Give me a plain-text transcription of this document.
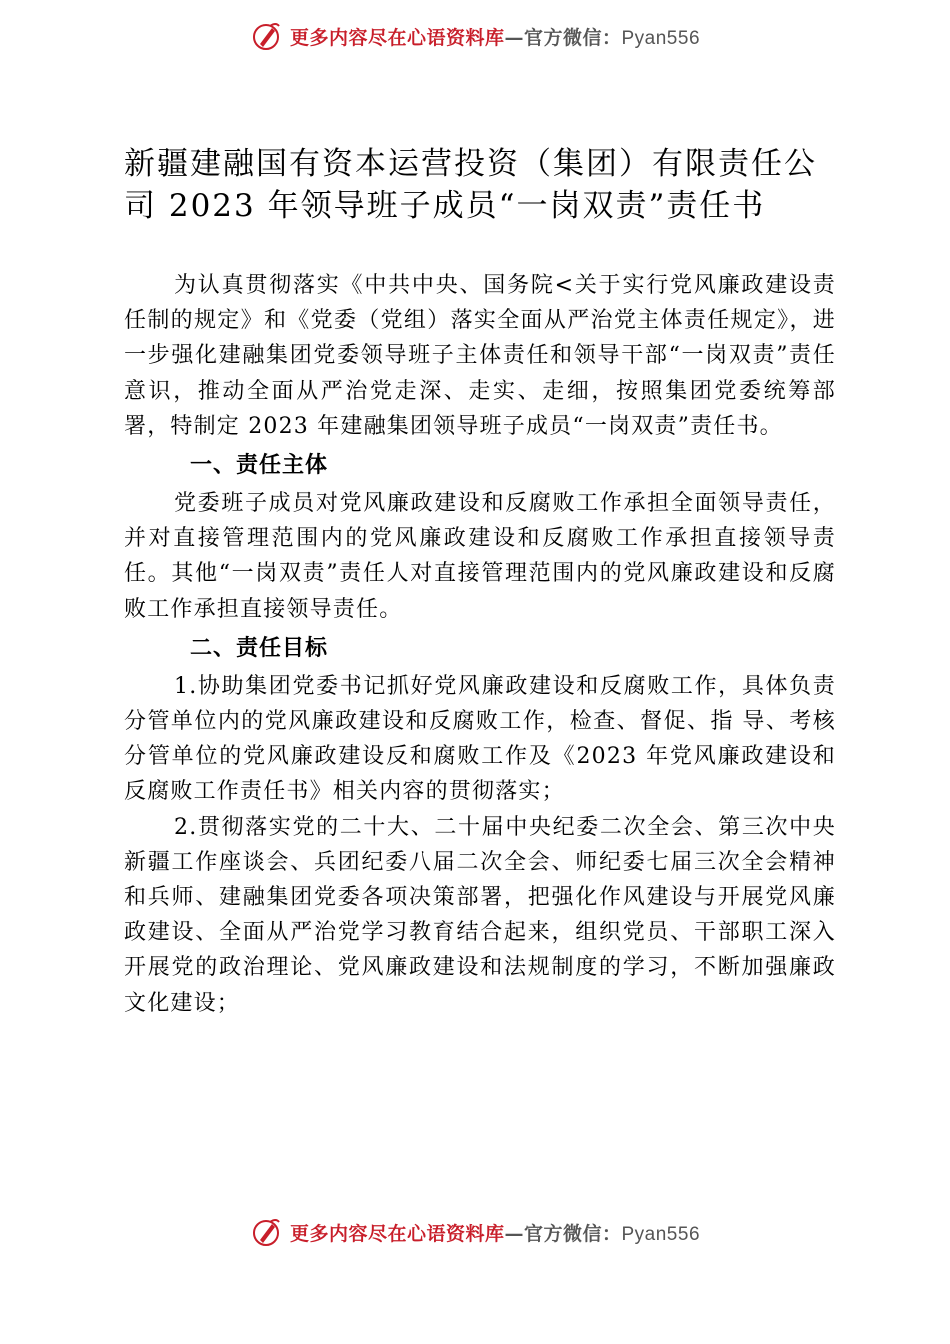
更多内容尽在心语资料库—官方微信：Pyan556
新疆建融国有资本运营投资（集团）有限责任公司 2023 年领导班子成员“一岗双责”责任书

为认真贯彻落实《中共中央、国务院<关于实行党风廉政建设责任制的规定》和《党委（党组）落实全面从严治党主体责任规定》，进一步强化建融集团党委领导班子主体责任和领导干部“一岗双责”责任意识，推动全面从严治党走深、走实、走细，按照集团党委统筹部署，特制定 2023 年建融集团领导班子成员“一岗双责”责任书。

一、责任主体

党委班子成员对党风廉政建设和反腐败工作承担全面领导责任，并对直接管理范围内的党风廉政建设和反腐败工作承担直接领导责任。其他“一岗双责”责任人对直接管理范围内的党风廉政建设和反腐败工作承担直接领导责任。

二、责任目标

1.协助集团党委书记抓好党风廉政建设和反腐败工作，具体负责分管单位内的党风廉政建设和反腐败工作，检查、督促、指 导、考核分管单位的党风廉政建设反和腐败工作及《2023 年党风廉政建设和反腐败工作责任书》相关内容的贯彻落实；

2.贯彻落实党的二十大、二十届中央纪委二次全会、第三次中央新疆工作座谈会、兵团纪委八届二次全会、师纪委七届三次全会精神和兵师、建融集团党委各项决策部署，把强化作风建设与开展党风廉政建设、全面从严治党学习教育结合起来，组织党员、干部职工深入开展党的政治理论、党风廉政建设和法规制度的学习，不断加强廉政文化建设；

更多内容尽在心语资料库—官方微信：Pyan556
